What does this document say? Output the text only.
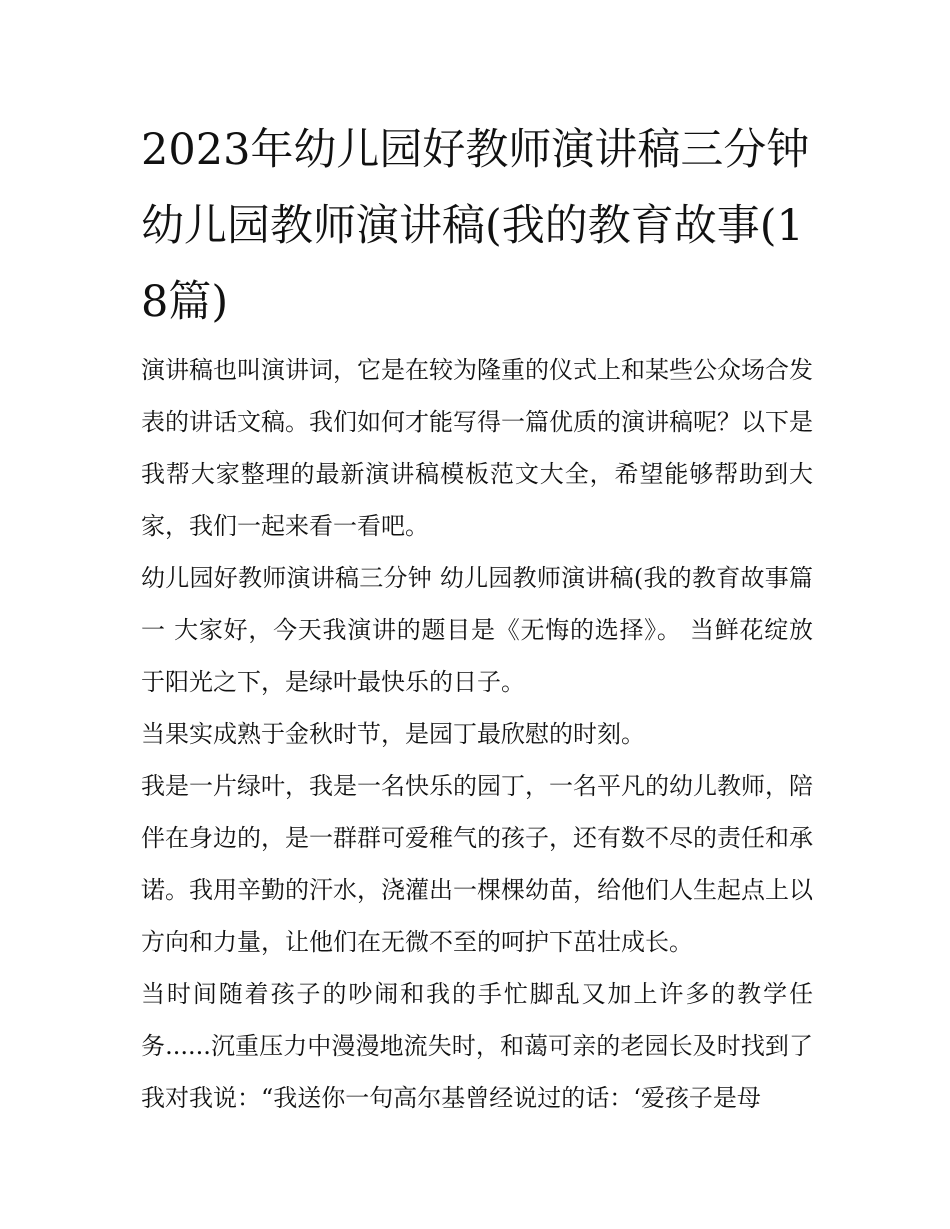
2023年幼儿园好教师演讲稿三分钟 幼儿园教师演讲稿(我的教育故事(18篇)

演讲稿也叫演讲词，它是在较为隆重的仪式上和某些公众场合发表的讲话文稿。我们如何才能写得一篇优质的演讲稿呢？以下是我帮大家整理的最新演讲稿模板范文大全，希望能够帮助到大家，我们一起来看一看吧。

幼儿园好教师演讲稿三分钟 幼儿园教师演讲稿(我的教育故事篇一 大家好，今天我演讲的题目是《无悔的选择》。 当鲜花绽放于阳光之下，是绿叶最快乐的日子。

当果实成熟于金秋时节，是园丁最欣慰的时刻。

我是一片绿叶，我是一名快乐的园丁，一名平凡的幼儿教师，陪伴在身边的，是一群群可爱稚气的孩子，还有数不尽的责任和承诺。我用辛勤的汗水，浇灌出一棵棵幼苗，给他们人生起点上以方向和力量，让他们在无微不至的呵护下茁壮成长。

当时间随着孩子的吵闹和我的手忙脚乱又加上许多的教学任务......沉重压力中漫漫地流失时，和蔼可亲的老园长及时找到了我对我说：“我送你一句高尔基曾经说过的话：‘爱孩子是母
